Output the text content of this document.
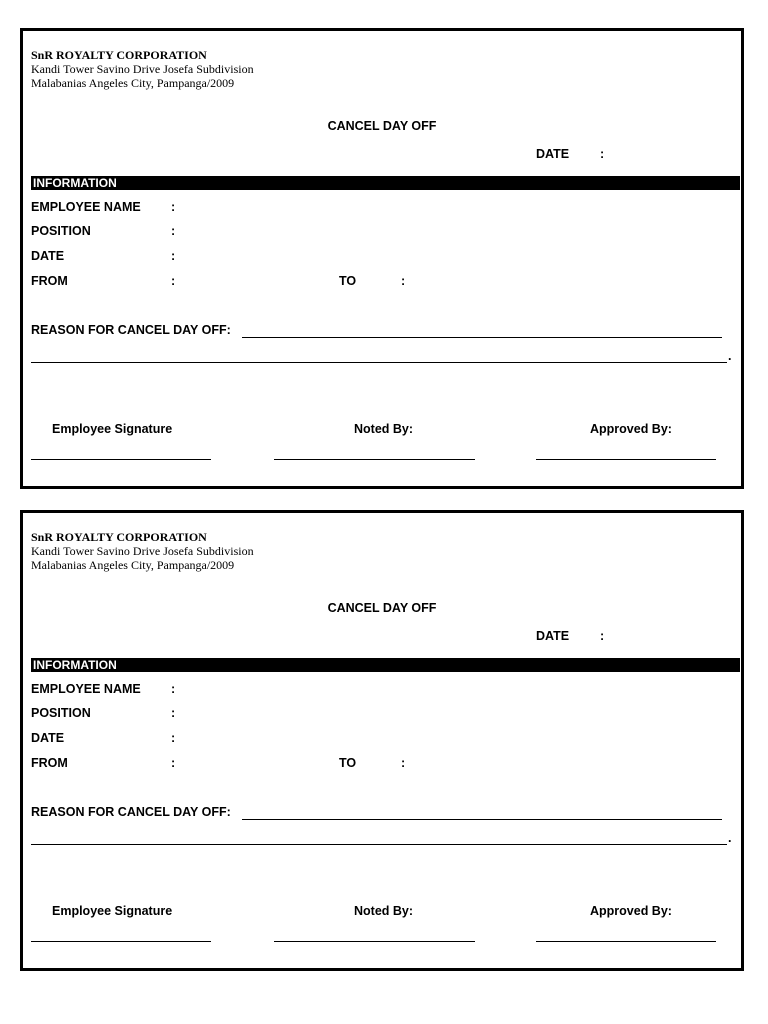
SnR ROYALTY CORPORATION
Kandi Tower Savino Drive Josefa Subdivision
Malabanias Angeles City, Pampanga/2009
CANCEL DAY OFF
DATE :
INFORMATION
EMPLOYEE NAME :
POSITION	:
DATE	:
FROM	:	TO	:
REASON FOR CANCEL DAY OFF:
.
Employee Signature	Noted By:	Approved By:
SnR ROYALTY CORPORATION
Kandi Tower Savino Drive Josefa Subdivision
Malabanias Angeles City, Pampanga/2009
CANCEL DAY OFF
DATE :
INFORMATION
EMPLOYEE NAME :
POSITION	:
DATE	:
FROM	:	TO	:
REASON FOR CANCEL DAY OFF:
.
Employee Signature	Noted By:	Approved By:
